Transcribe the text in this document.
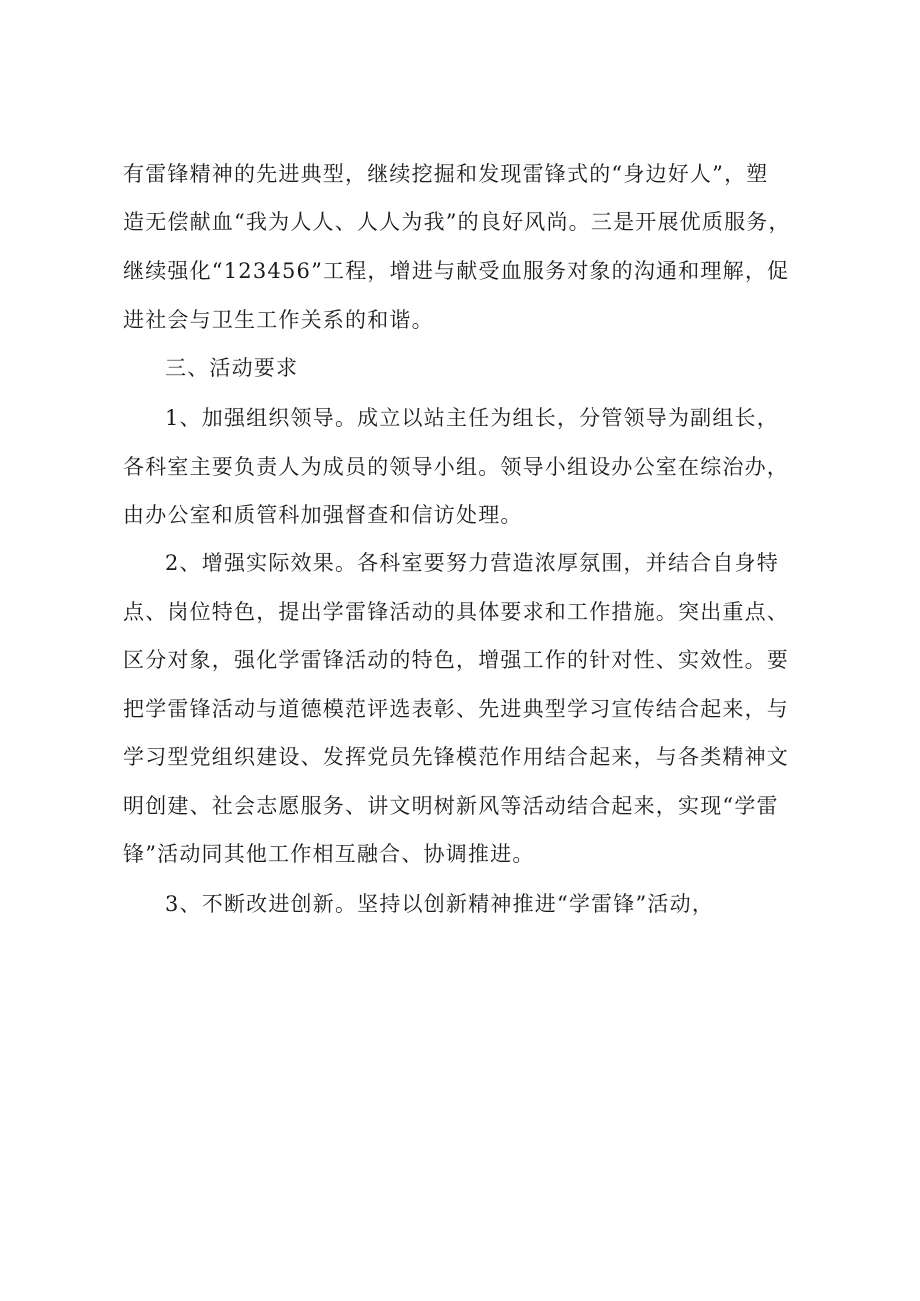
有雷锋精神的先进典型，继续挖掘和发现雷锋式的“身边好人”，塑
造无偿献血“我为人人、人人为我”的良好风尚。三是开展优质服务，
继续强化“123456”工程，增进与献受血服务对象的沟通和理解，促
进社会与卫生工作关系的和谐。
三、活动要求
1、加强组织领导。成立以站主任为组长，分管领导为副组长，
各科室主要负责人为成员的领导小组。领导小组设办公室在综治办，
由办公室和质管科加强督查和信访处理。
2、增强实际效果。各科室要努力营造浓厚氛围，并结合自身特
点、岗位特色，提出学雷锋活动的具体要求和工作措施。突出重点、
区分对象，强化学雷锋活动的特色，增强工作的针对性、实效性。要
把学雷锋活动与道德模范评选表彰、先进典型学习宣传结合起来，与
学习型党组织建设、发挥党员先锋模范作用结合起来，与各类精神文
明创建、社会志愿服务、讲文明树新风等活动结合起来，实现“学雷
锋”活动同其他工作相互融合、协调推进。
3、不断改进创新。坚持以创新精神推进“学雷锋”活动，
